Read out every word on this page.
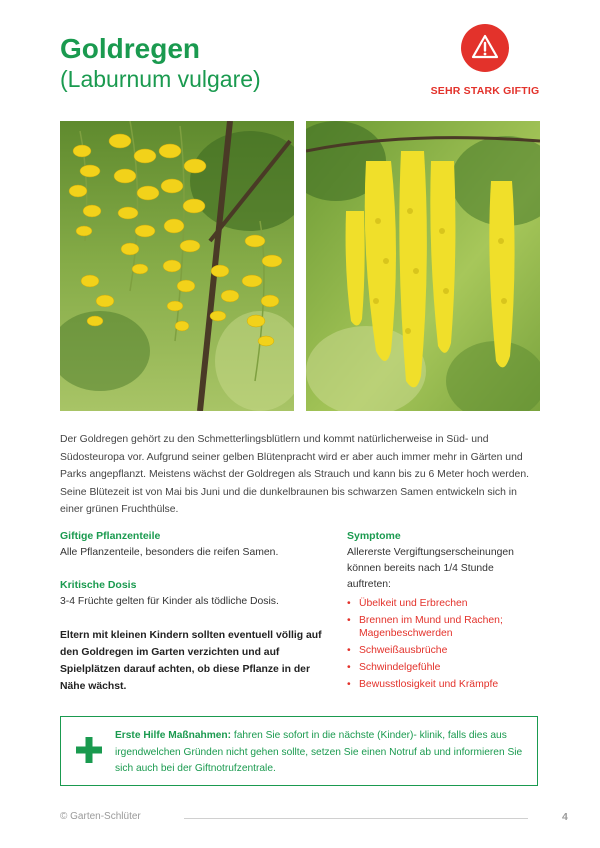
Goldregen
(Laburnum vulgare)	SEHR STARK GIFTIG
Der Goldregen gehört zu den Schmetterlingsblütlern und kommt natürlicherweise in Süd- und Südosteuropa vor. Aufgrund seiner gelben Blütenpracht wird er aber auch immer mehr in Gärten und Parks angepflanzt. Meistens wächst der Goldregen als Strauch und kann bis zu 6 Meter hoch werden. Seine Blütezeit ist von Mai bis Juni und die dunkelbraunen bis schwarzen Samen entwickeln sich in einer grünen Fruchthülse.
Giftige Pflanzenteile
Alle Pflanzenteile, besonders die reifen Samen.
Kritische Dosis
3-4 Früchte gelten für Kinder als tödliche Dosis.
Eltern mit kleinen Kindern sollten eventuell völlig auf den Goldregen im Garten verzichten und auf Spielplätzen darauf achten, ob diese Pflanze in der Nähe wächst.
Symptome
Allererste Vergiftungserscheinungen können bereits nach 1/4 Stunde auftreten:
• Übelkeit und Erbrechen
• Brennen im Mund und Rachen; Magenbeschwerden
• Schweißausbrüche
• Schwindelgefühle
• Bewusstlosigkeit und Krämpfe
Erste Hilfe Maßnahmen: fahren Sie sofort in die nächste (Kinder)- klinik, falls dies aus irgendwelchen Gründen nicht gehen sollte, setzen Sie einen Notruf ab und informieren Sie sich auch bei der Giftnotrufzentrale.
© Garten-Schlüter	4
